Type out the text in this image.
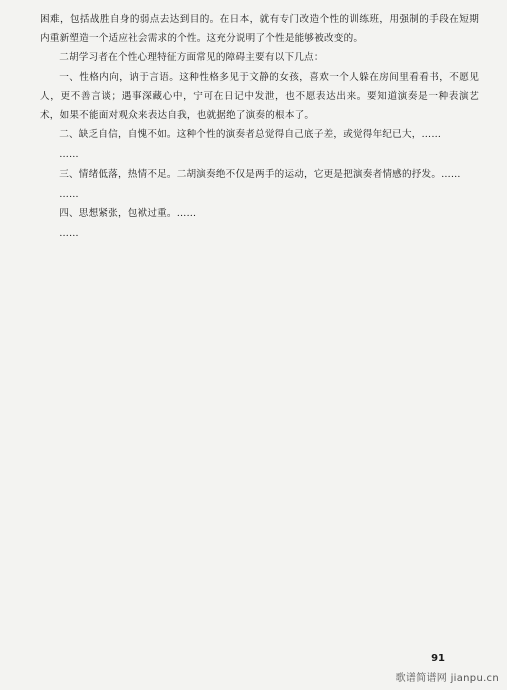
困难，包括战胜自身的弱点去达到目的。在日本，就有专门改造个性的训练班，用强制的手段在短期内重新塑造一个适应社会需求的个性。这充分说明了个性是能够被改变的。

二胡学习者在个性心理特征方面常见的障碍主要有以下几点：

一、性格内向，讷于言语。这种性格多见于文静的女孩，喜欢一个人躲在房间里看看书，不愿见人，更不善言谈；遇事深藏心中，宁可在日记中发泄，也不愿表达出来。要知道演奏是一种表演艺术，如果不能面对观众来表达自我，也就据绝了演奏的根本了。

二、缺乏自信，自愧不如。这种个性的演奏者总觉得自己底子差，或觉得年纪已大，……

……

三、情绪低落，热情不足。二胡演奏绝不仅是两手的运动，它更是把演奏者情感的抒发。……

……

四、思想紧张，包袱过重。……

……

91
歌谱简谱网 jianpu.cn
